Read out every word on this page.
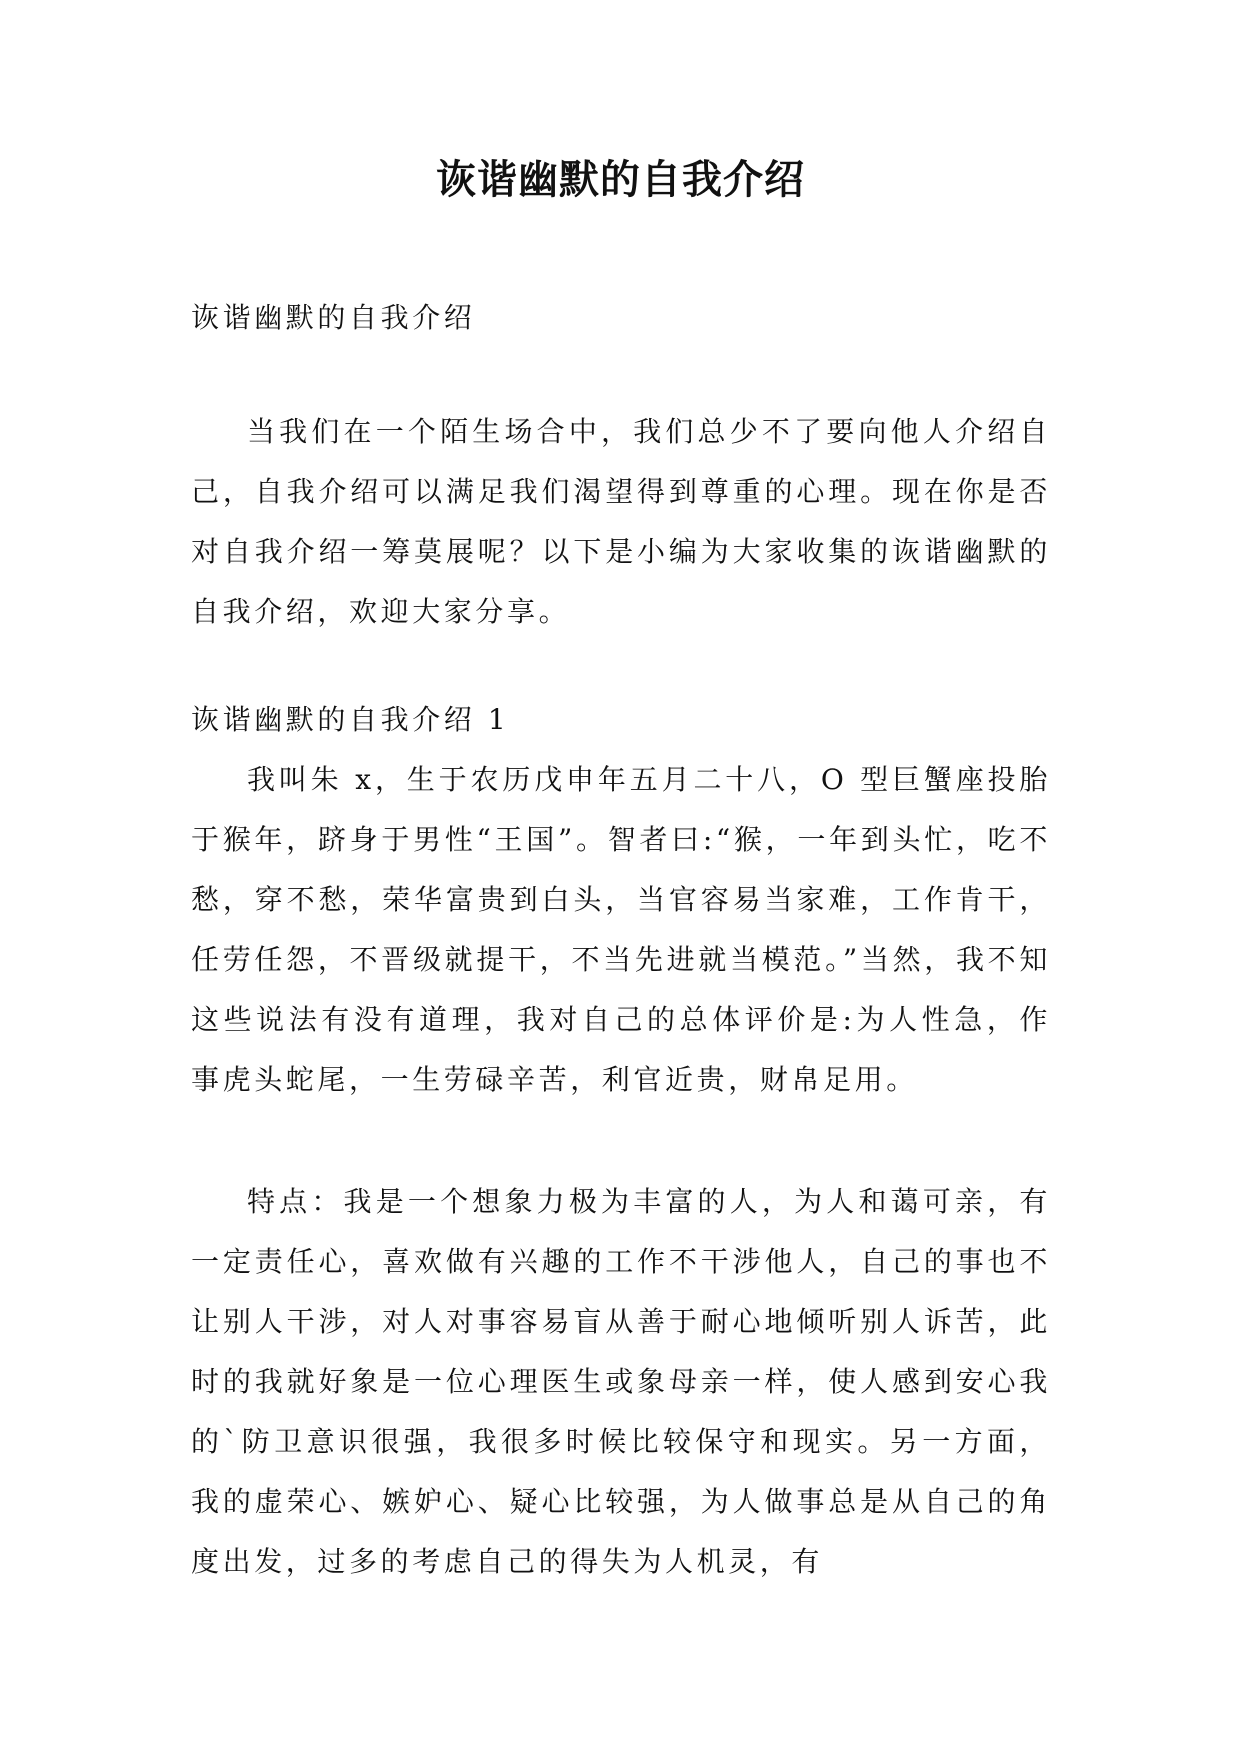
诙谐幽默的自我介绍
诙谐幽默的自我介绍
当我们在一个陌生场合中，我们总少不了要向他人介绍自己，自我介绍可以满足我们渴望得到尊重的心理。现在你是否对自我介绍一筹莫展呢？以下是小编为大家收集的诙谐幽默的自我介绍，欢迎大家分享。
诙谐幽默的自我介绍 1
我叫朱 x，生于农历戊申年五月二十八，O 型巨蟹座投胎于猴年，跻身于男性“王国”。智者曰:“猴，一年到头忙，吃不愁，穿不愁，荣华富贵到白头，当官容易当家难，工作肯干，任劳任怨，不晋级就提干，不当先进就当模范。”当然，我不知这些说法有没有道理，我对自己的总体评价是:为人性急，作事虎头蛇尾，一生劳碌辛苦，利官近贵，财帛足用。
特点：我是一个想象力极为丰富的人，为人和蔼可亲，有一定责任心，喜欢做有兴趣的工作不干涉他人，自己的事也不让别人干涉，对人对事容易盲从善于耐心地倾听别人诉苦，此时的我就好象是一位心理医生或象母亲一样，使人感到安心我的`防卫意识很强，我很多时候比较保守和现实。另一方面，我的虚荣心、嫉妒心、疑心比较强，为人做事总是从自己的角度出发，过多的考虑自己的得失为人机灵，有
